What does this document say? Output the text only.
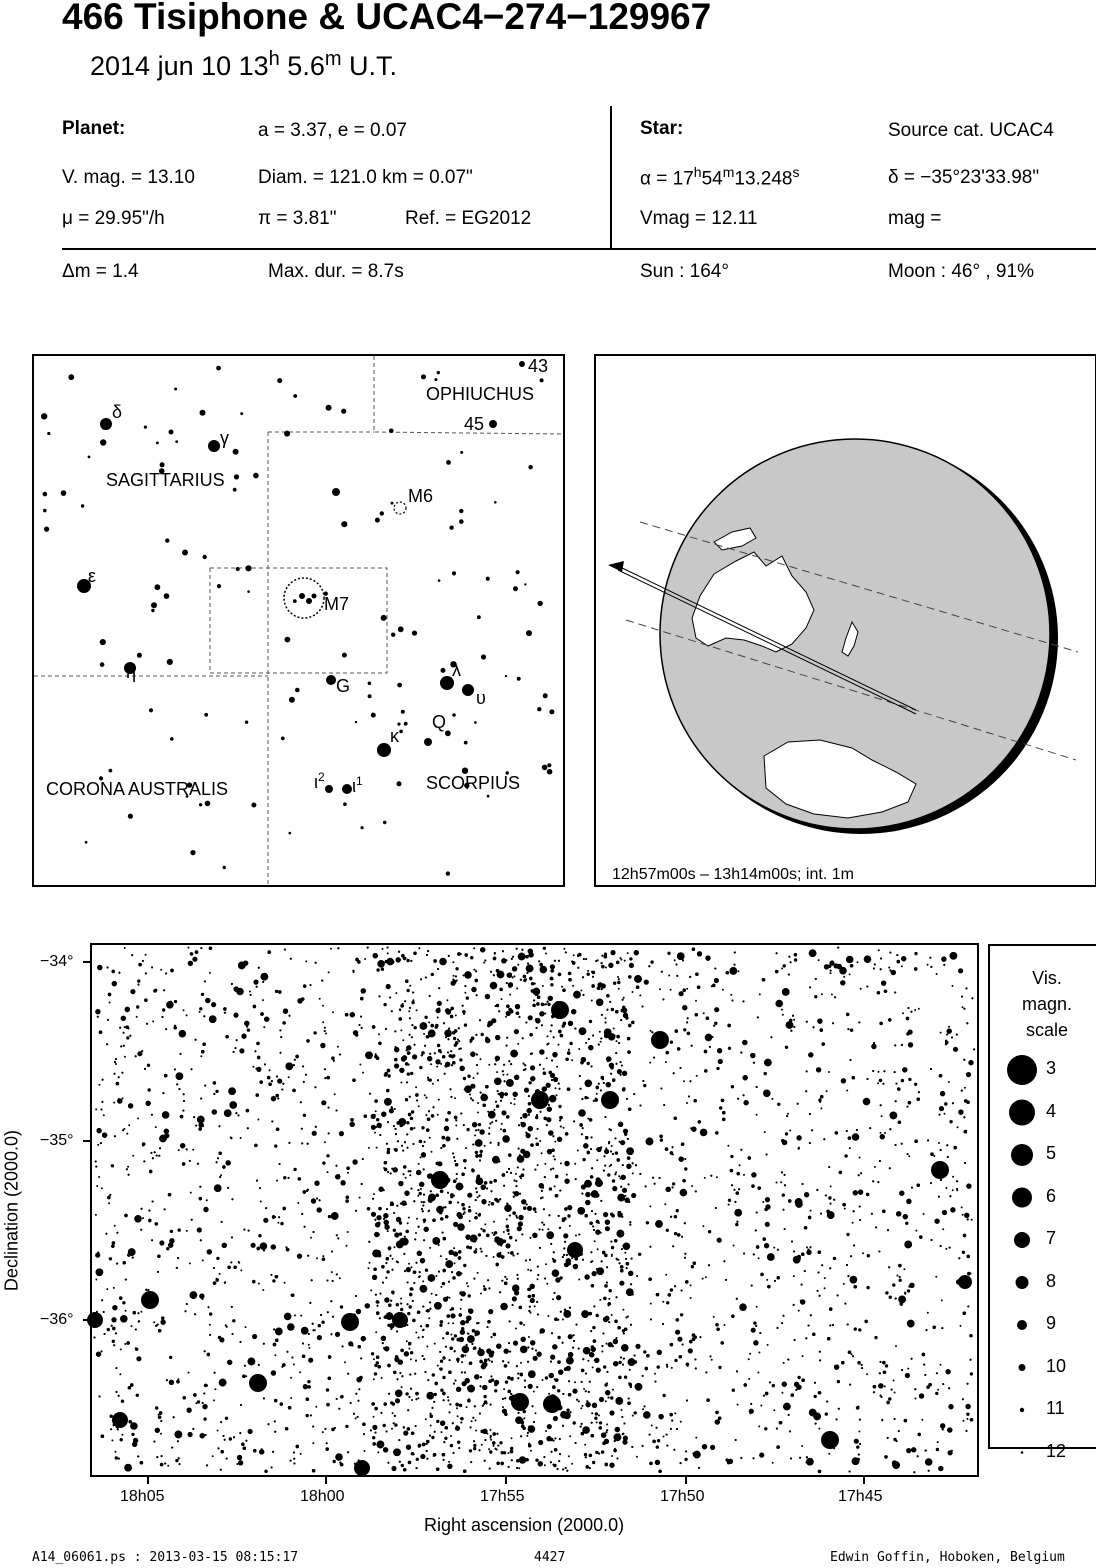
466 Tisiphone & UCAC4−274−129967
2014 jun 10 13$^h$ 5.6$^m$ U.T.
Planet:	a = 3.37, e = 0.07
V. mag. = 13.10	Diam. = 121.0 km = 0.07"
μ = 29.95"/h	π = 3.81"	Ref. = EG2012
Star:	Source cat. UCAC4
$\alpha = 17^h54^m13.248^s$	δ = −35°23'33.98"
Vmag = 12.11	mag =
Δm = 1.4	Max. dur. = 8.7s	Sun : 164°	Moon : 46° , 91%
OPHIUCHUS
SAGITTARIUS
CORONA AUSTRALIS	SCORPIUS
43
45
M6
M7
G
Q
δ
γ
ε
η	λ
υ
κ
$\iota^2$ $\iota^1$
12h57m00s – 13h14m00s; int. 1m
18h05	18h00	17h55	17h50	17h45
−34°
−35°
−36°
Right ascension (2000.0)
Declination (2000.0)
Vis.
magn.
scale
3
4
5
6
7
8
9
10
11
12
A14_06061.ps : 2013-03-15 08:15:17	4427	Edwin Goffin, Hoboken, Belgium
